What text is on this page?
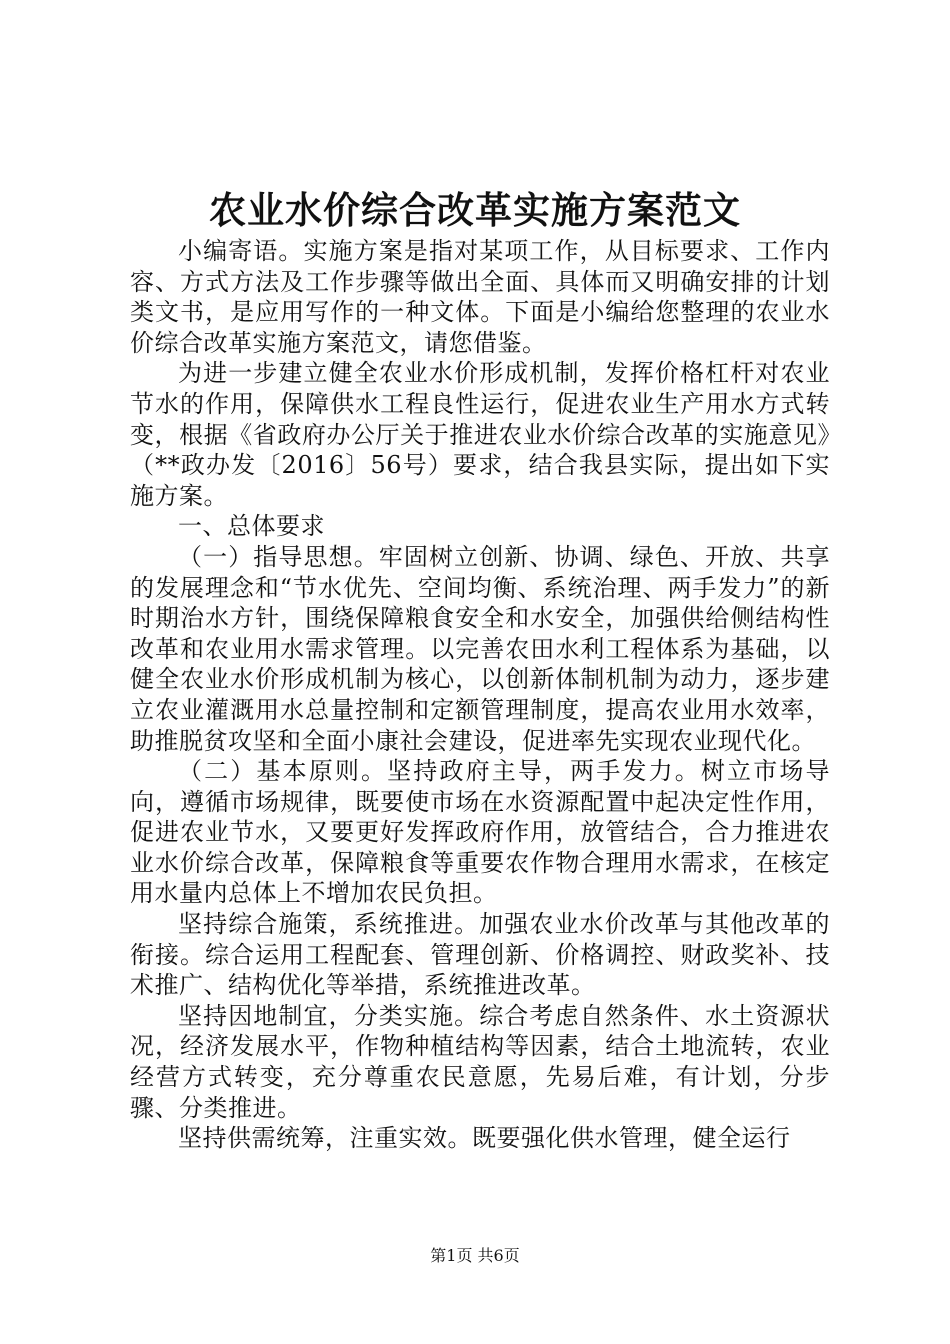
农业水价综合改革实施方案范文

小编寄语。实施方案是指对某项工作，从目标要求、工作内容、方式方法及工作步骤等做出全面、具体而又明确安排的计划类文书，是应用写作的一种文体。下面是小编给您整理的农业水价综合改革实施方案范文，请您借鉴。

为进一步建立健全农业水价形成机制，发挥价格杠杆对农业节水的作用，保障供水工程良性运行，促进农业生产用水方式转变，根据《省政府办公厅关于推进农业水价综合改革的实施意见》（**政办发〔2016〕56号）要求，结合我县实际，提出如下实施方案。

一、总体要求

（一）指导思想。牢固树立创新、协调、绿色、开放、共享的发展理念和“节水优先、空间均衡、系统治理、两手发力”的新时期治水方针，围绕保障粮食安全和水安全，加强供给侧结构性改革和农业用水需求管理。以完善农田水利工程体系为基础，以健全农业水价形成机制为核心，以创新体制机制为动力，逐步建立农业灌溉用水总量控制和定额管理制度，提高农业用水效率，助推脱贫攻坚和全面小康社会建设，促进率先实现农业现代化。

（二）基本原则。坚持政府主导，两手发力。树立市场导向，遵循市场规律，既要使市场在水资源配置中起决定性作用，促进农业节水，又要更好发挥政府作用，放管结合，合力推进农业水价综合改革，保障粮食等重要农作物合理用水需求，在核定用水量内总体上不增加农民负担。

坚持综合施策，系统推进。加强农业水价改革与其他改革的衔接。综合运用工程配套、管理创新、价格调控、财政奖补、技术推广、结构优化等举措，系统推进改革。

坚持因地制宜，分类实施。综合考虑自然条件、水土资源状况，经济发展水平，作物种植结构等因素，结合土地流转，农业经营方式转变，充分尊重农民意愿，先易后难，有计划，分步骤、分类推进。

坚持供需统筹，注重实效。既要强化供水管理，健全运行

第1页 共6页
